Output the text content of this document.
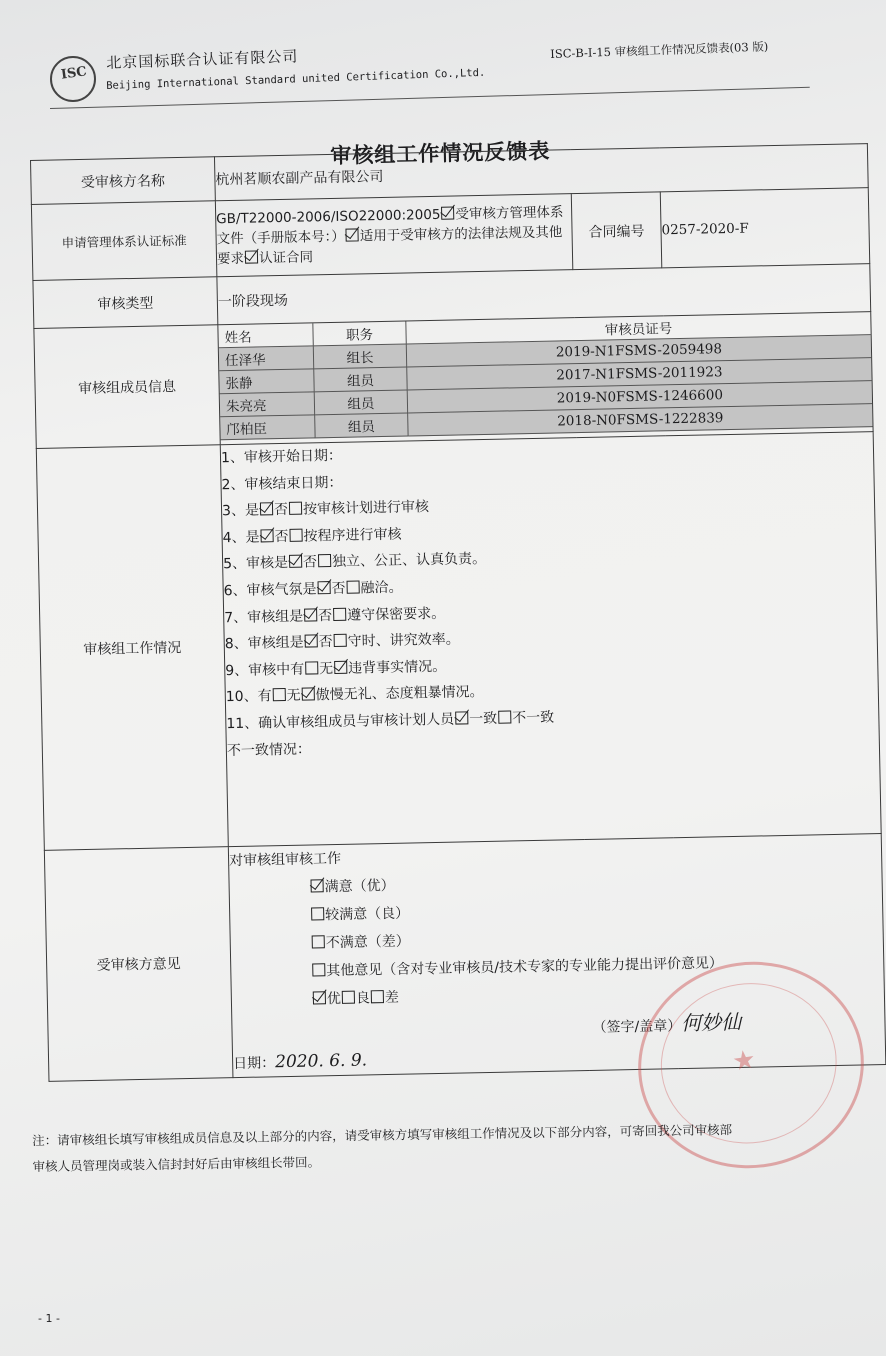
ISC
北京国标联合认证有限公司
Beijing International Standard united Certification Co.,Ltd.
ISC-B-I-15 审核组工作情况反馈表(03 版)
审核组工作情况反馈表
受审核方名称	杭州茗顺农副产品有限公司
申请管理体系认证标准	GB/T22000-2006/ISO22000:2005 受审核方管理体系文件（手册版本号：） 适用于受审核方的法律法规及其他要求 认证合同	合同编号	0257-2020-F
审核类型	一阶段现场
审核组成员信息	
姓名	职务	审核员证号
任泽华	组长	2019-N1FSMS-2059498
张静	组员	2017-N1FSMS-2011923
朱亮亮	组员	2019-N0FSMS-1246600
邝柏臣	组员	2018-N0FSMS-1222839

审核组工作情况	
1、审核开始日期：
2、审核结束日期：
3、是 否 按审核计划进行审核
4、是 否 按程序进行审核
5、审核是 否 独立、公正、认真负责。
6、审核气氛是 否 融洽。
7、审核组是 否 遵守保密要求。
8、审核组是 否 守时、讲究效率。
9、审核中有 无 违背事实情况。
10、有 无 傲慢无礼、态度粗暴情况。
11、确认审核组成员与审核计划人员 一致 不一致
不一致情况：

受审核方意见	
对审核组审核工作
满意（优）
较满意（良）
不满意（差）
其他意见（含对专业审核员/技术专家的专业能力提出评价意见）
优 良 差
（签字/盖章）何妙仙
日期：2020. 6. 9.	★
注：请审核组长填写审核组成员信息及以上部分的内容，请受审核方填写审核组工作情况及以下部分内容，可寄回我公司审核部
审核人员管理岗或装入信封封好后由审核组长带回。
- 1 -
